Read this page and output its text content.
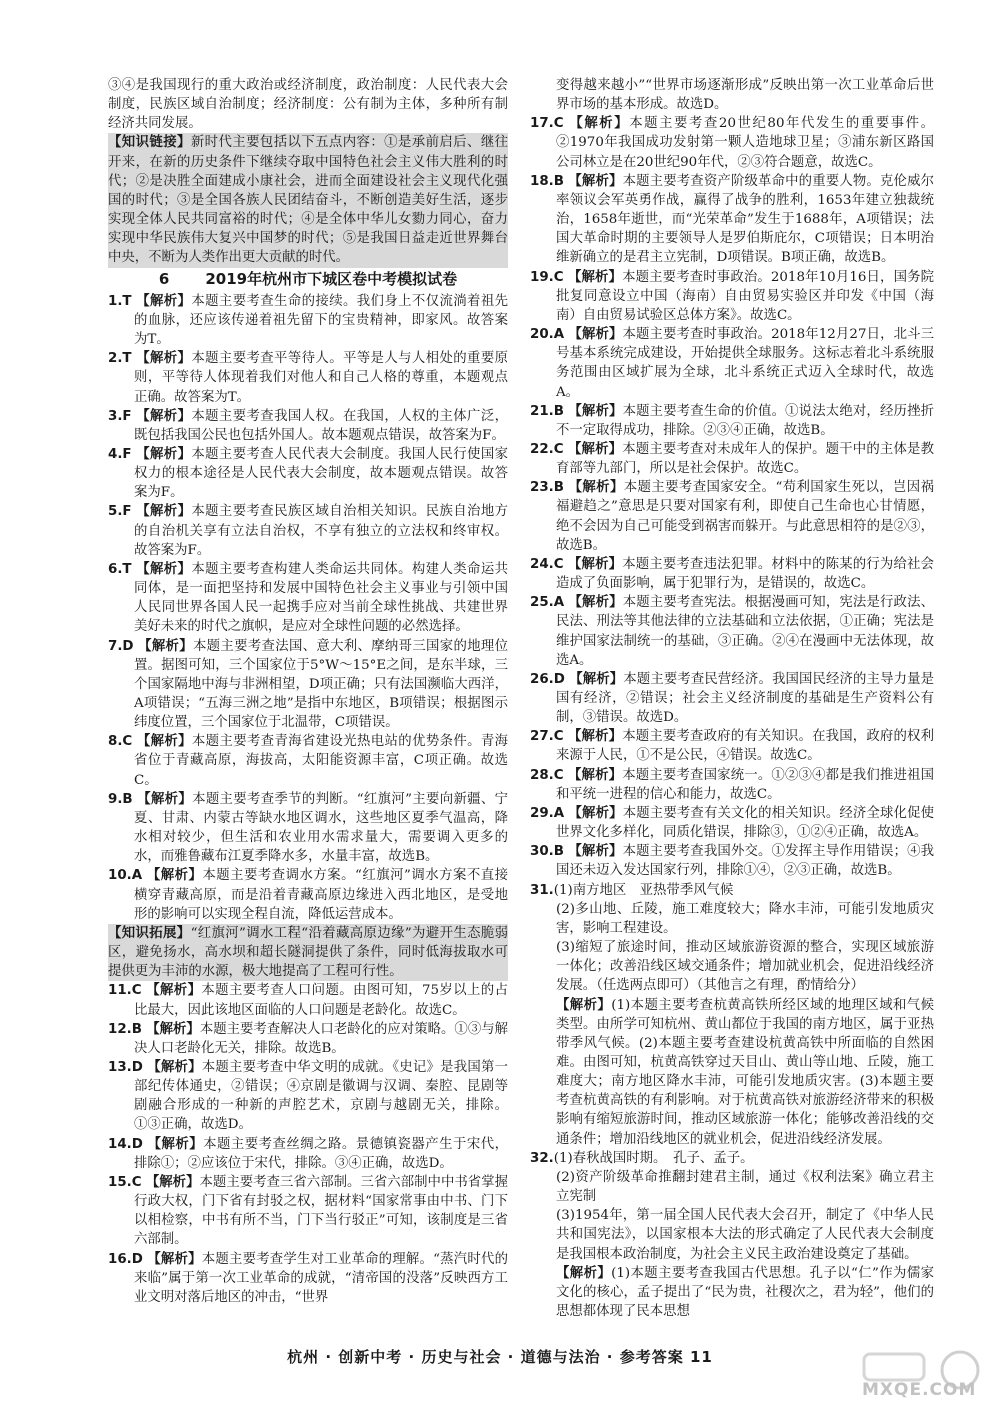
③④是我国现行的重大政治或经济制度，政治制度：人民代表大会制度，民族区域自治制度；经济制度：公有制为主体，多种所有制经济共同发展。

【知识链接】新时代主要包括以下五点内容：①是承前启后、继往开来，在新的历史条件下继续夺取中国特色社会主义伟大胜利的时代；②是决胜全面建成小康社会，进而全面建设社会主义现代化强国的时代；③是全国各族人民团结奋斗，不断创造美好生活，逐步实现全体人民共同富裕的时代；④是全体中华儿女勠力同心，奋力实现中华民族伟大复兴中国梦的时代；⑤是我国日益走近世界舞台中央，不断为人类作出更大贡献的时代。

6 2019年杭州市下城区卷中考模拟试卷

1.T 【解析】本题主要考查生命的接续。我们身上不仅流淌着祖先的血脉，还应该传递着祖先留下的宝贵精神，即家风。故答案为T。

2.T 【解析】本题主要考查平等待人。平等是人与人相处的重要原则，平等待人体现着我们对他人和自己人格的尊重，本题观点正确。故答案为T。

3.F 【解析】本题主要考查我国人权。在我国，人权的主体广泛，既包括我国公民也包括外国人。故本题观点错误，故答案为F。

4.F 【解析】本题主要考查人民代表大会制度。我国人民行使国家权力的根本途径是人民代表大会制度，故本题观点错误。故答案为F。

5.F 【解析】本题主要考查民族区域自治相关知识。民族自治地方的自治机关享有立法自治权，不享有独立的立法权和终审权。故答案为F。

6.T 【解析】本题主要考查构建人类命运共同体。构建人类命运共同体，是一面把坚持和发展中国特色社会主义事业与引领中国人民同世界各国人民一起携手应对当前全球性挑战、共建世界美好未来的时代之旗帜，是应对全球性问题的必然选择。

7.D 【解析】本题主要考查法国、意大利、摩纳哥三国家的地理位置。据图可知，三个国家位于5°W～15°E之间，是东半球，三个国家隔地中海与非洲相望，D项正确；只有法国濒临大西洋，A项错误；“五海三洲之地”是指中东地区，B项错误；根据图示纬度位置，三个国家位于北温带，C项错误。

8.C 【解析】本题主要考查青海省建设光热电站的优势条件。青海省位于青藏高原，海拔高，太阳能资源丰富，C项正确。故选C。

9.B 【解析】本题主要考查季节的判断。“红旗河”主要向新疆、宁夏、甘肃、内蒙古等缺水地区调水，这些地区夏季气温高，降水相对较少，但生活和农业用水需求量大，需要调入更多的水，而雅鲁藏布江夏季降水多，水量丰富，故选B。

10.A 【解析】本题主要考查调水方案。“红旗河”调水方案不直接横穿青藏高原，而是沿着青藏高原边缘进入西北地区，是受地形的影响可以实现全程自流，降低运营成本。

【知识拓展】“红旗河”调水工程“沿着藏高原边缘”为避开生态脆弱区，避免扬水，高水坝和超长隧洞提供了条件，同时低海拔取水可提供更为丰沛的水源，极大地提高了工程可行性。

11.C 【解析】本题主要考查人口问题。由图可知，75岁以上的占比最大，因此该地区面临的人口问题是老龄化。故选C。

12.B 【解析】本题主要考查解决人口老龄化的应对策略。①③与解决人口老龄化无关，排除。故选B。

13.D 【解析】本题主要考查中华文明的成就。《史记》是我国第一部纪传体通史，②错误；④京剧是徽调与汉调、秦腔、昆剧等剧融合形成的一种新的声腔艺术，京剧与越剧无关，排除。①③正确，故选D。

14.D 【解析】本题主要考查丝绸之路。景德镇瓷器产生于宋代，排除①；②应该位于宋代，排除。③④正确，故选D。

15.C 【解析】本题主要考查三省六部制。三省六部制中中书省掌握行政大权，门下省有封驳之权，据材料“国家常事由中书、门下以相检察，中书有所不当，门下当行驳正”可知，该制度是三省六部制。

16.D 【解析】本题主要考查学生对工业革命的理解。“蒸汽时代的来临”属于第一次工业革命的成就，“清帝国的没落”反映西方工业文明对落后地区的冲击，“世界

变得越来越小”“世界市场逐渐形成”反映出第一次工业革命后世界市场的基本形成。故选D。

17.C 【解析】本题主要考查20世纪80年代发生的重要事件。②1970年我国成功发射第一颗人造地球卫星；③浦东新区路国公司林立是在20世纪90年代，②③符合题意，故选C。

18.B 【解析】本题主要考查资产阶级革命中的重要人物。克伦威尔率领议会军英勇作战，赢得了战争的胜利，1653年建立独裁统治，1658年逝世，而“光荣革命”发生于1688年，A项错误；法国大革命时期的主要领导人是罗伯斯庇尔，C项错误；日本明治维新确立的是君主立宪制，D项错误。B项正确，故选B。

19.C 【解析】本题主要考查时事政治。2018年10月16日，国务院批复同意设立中国（海南）自由贸易实验区并印发《中国（海南）自由贸易试验区总体方案》。故选C。

20.A 【解析】本题主要考查时事政治。2018年12月27日，北斗三号基本系统完成建设，开始提供全球服务。这标志着北斗系统服务范围由区域扩展为全球，北斗系统正式迈入全球时代，故选A。

21.B 【解析】本题主要考查生命的价值。①说法太绝对，经历挫折不一定取得成功，排除。②③④正确，故选B。

22.C 【解析】本题主要考查对未成年人的保护。题干中的主体是教育部等九部门，所以是社会保护。故选C。

23.B 【解析】本题主要考查国家安全。“苟利国家生死以，岂因祸福避趋之”意思是只要对国家有利，即使自己生命也心甘情愿，绝不会因为自己可能受到祸害而躲开。与此意思相符的是②③，故选B。

24.C 【解析】本题主要考查违法犯罪。材料中的陈某的行为给社会造成了负面影响，属于犯罪行为，是错误的，故选C。

25.A 【解析】本题主要考查宪法。根据漫画可知，宪法是行政法、民法、刑法等其他法律的立法基础和立法依据，①正确；宪法是维护国家法制统一的基础，③正确。②④在漫画中无法体现，故选A。

26.D 【解析】本题主要考查民营经济。我国国民经济的主导力量是国有经济，②错误；社会主义经济制度的基础是生产资料公有制，③错误。故选D。

27.C 【解析】本题主要考查政府的有关知识。在我国，政府的权利来源于人民，①不是公民，④错误。故选C。

28.C 【解析】本题主要考查国家统一。①②③④都是我们推进祖国和平统一进程的信心和能力，故选C。

29.A 【解析】本题主要考查有关文化的相关知识。经济全球化促使世界文化多样化，同质化错误，排除③，①②④正确，故选A。

30.B 【解析】本题主要考查我国外交。①发挥主导作用错误；④我国还未迈入发达国家行列，排除①④，②③正确，故选B。

31.(1)南方地区　亚热带季风气候

(2)多山地、丘陵，施工难度较大；降水丰沛，可能引发地质灾害，影响工程建设。

(3)缩短了旅途时间，推动区域旅游资源的整合，实现区域旅游一体化；改善沿线区域交通条件；增加就业机会，促进沿线经济发展。（任选两点即可）（其他言之有理，酌情给分）

【解析】(1)本题主要考查杭黄高铁所经区域的地理区域和气候类型。由所学可知杭州、黄山都位于我国的南方地区，属于亚热带季风气候。(2)本题主要考查建设杭黄高铁中所面临的自然困难。由图可知，杭黄高铁穿过天目山、黄山等山地、丘陵，施工难度大；南方地区降水丰沛，可能引发地质灾害。(3)本题主要考查杭黄高铁的有利影响。对于杭黄高铁对旅游经济带来的积极影响有缩短旅游时间，推动区域旅游一体化；能够改善沿线的交通条件；增加沿线地区的就业机会，促进沿线经济发展。

32.(1)春秋战国时期。　孔子、孟子。

(2)资产阶级革命推翻封建君主制，通过《权利法案》确立君主立宪制

(3)1954年，第一届全国人民代表大会召开，制定了《中华人民共和国宪法》，以国家根本大法的形式确定了人民代表大会制度是我国根本政治制度，为社会主义民主政治建设奠定了基础。

【解析】(1)本题主要考查我国古代思想。孔子以“仁”作为儒家文化的核心，孟子提出了“民为贵，社稷次之，君为轻”，他们的思想都体现了民本思想

杭州 · 创新中考 · 历史与社会 · 道德与法治 · 参考答案 11
MXQE.COM
